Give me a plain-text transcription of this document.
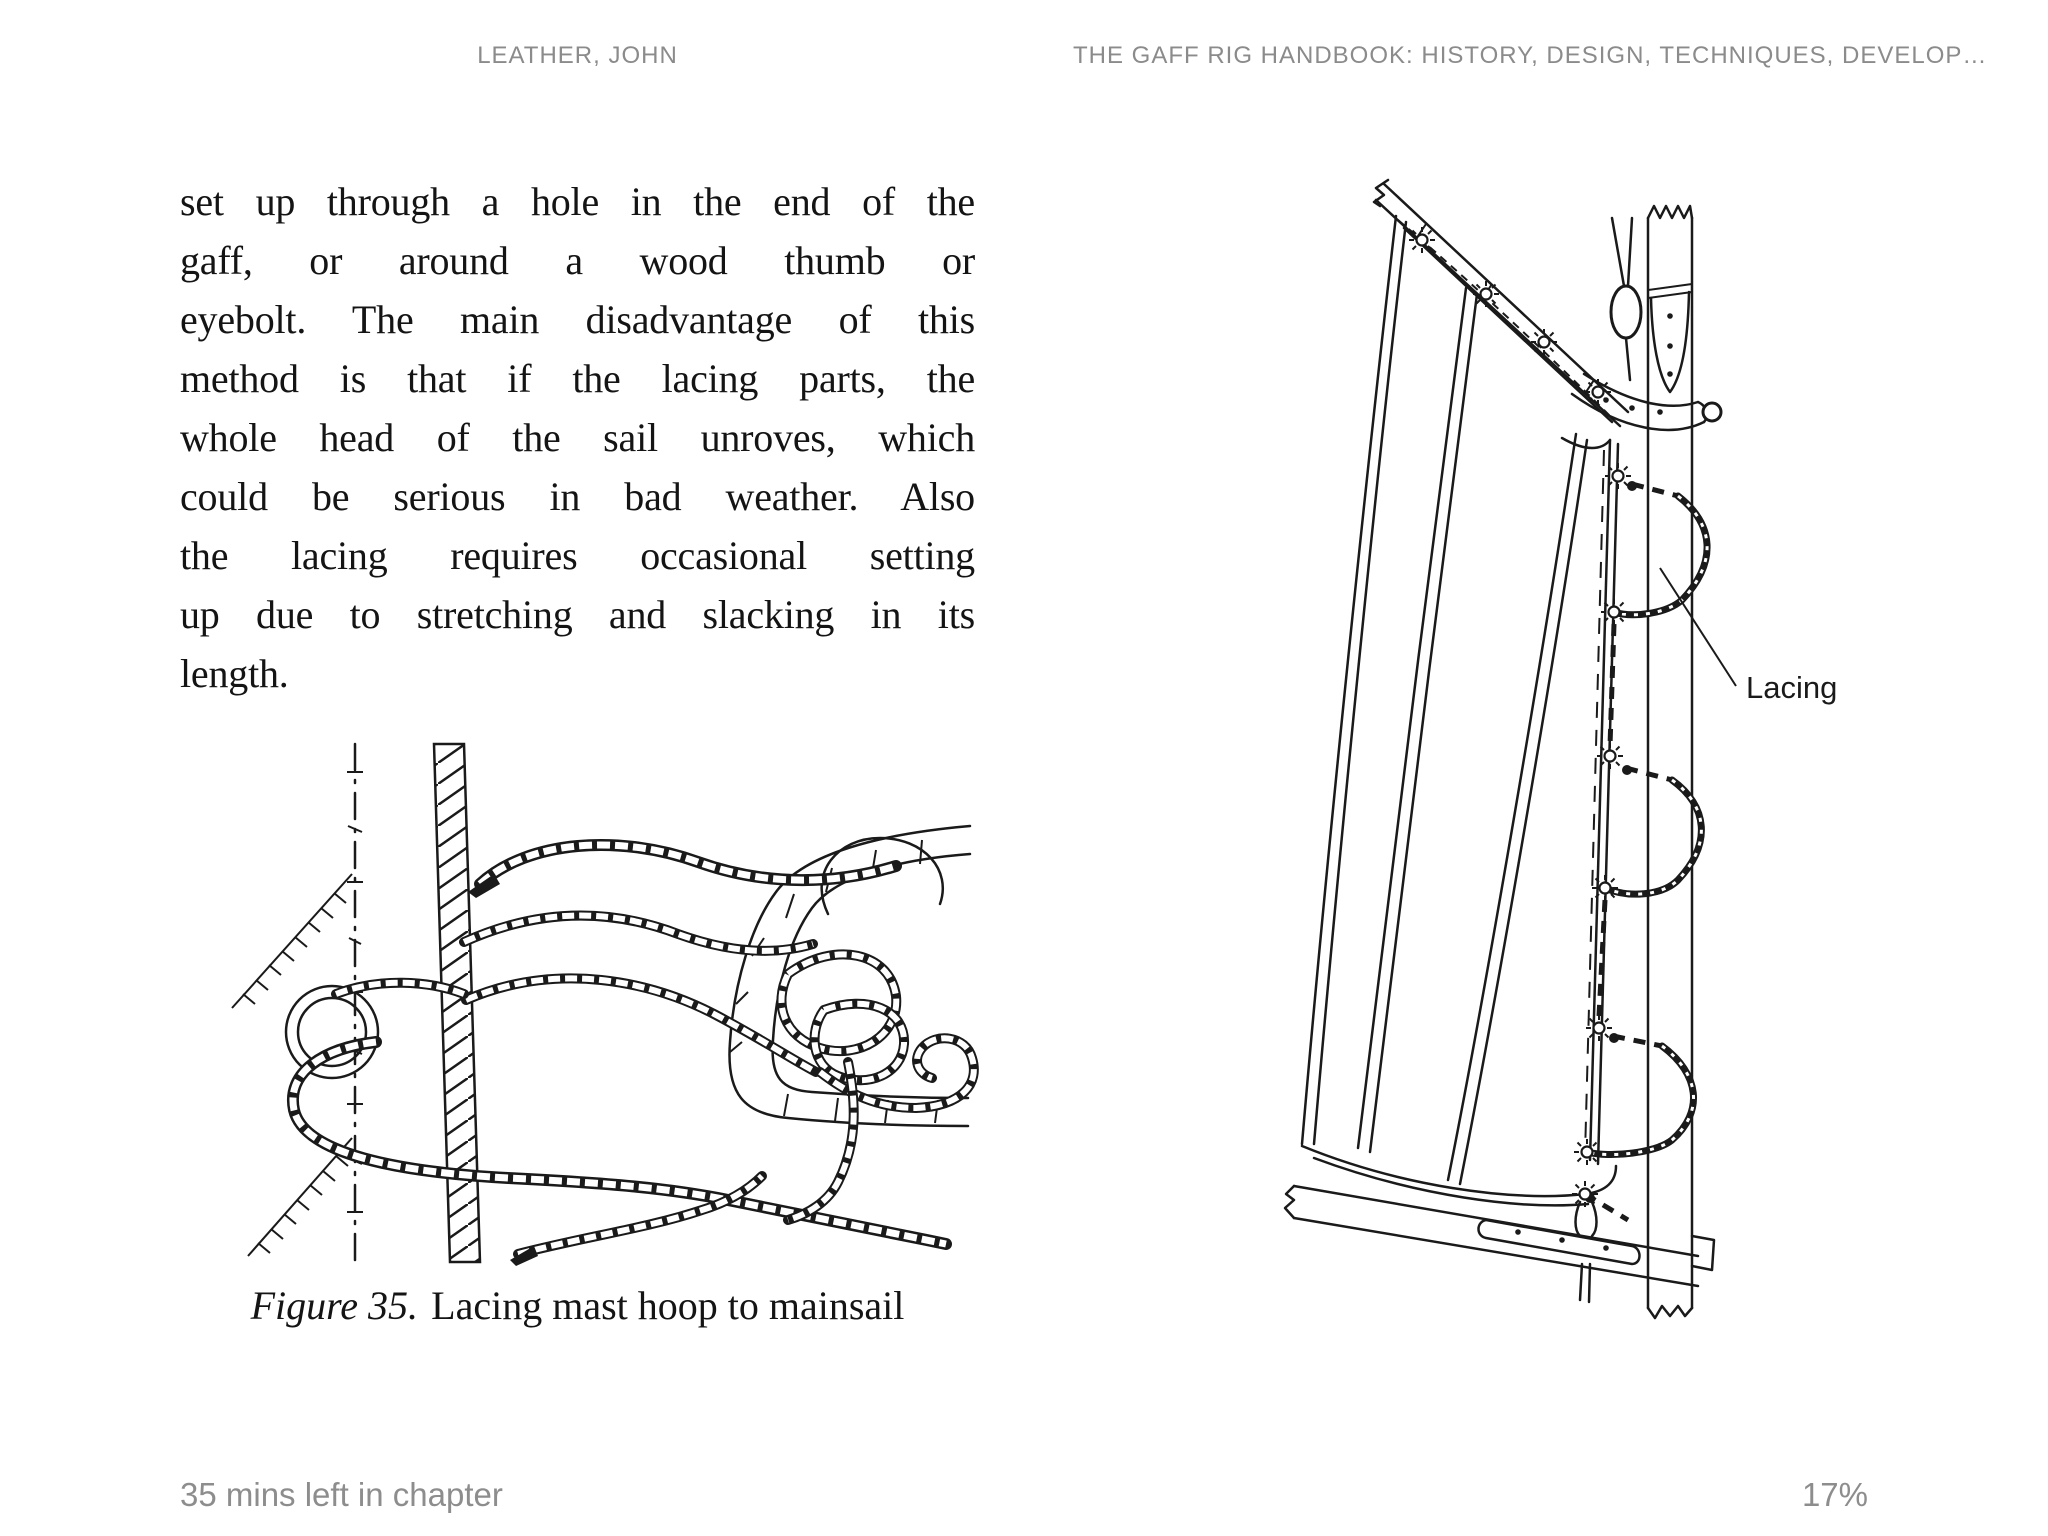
LEATHER, JOHN	THE GAFF RIG HANDBOOK: HISTORY, DESIGN, TECHNIQUES, DEVELOP…
set up through a hole in the end of the
gaff, or around a wood thumb or
eyebolt. The main disadvantage of this
method is that if the lacing parts, the
whole head of the sail unroves, which
could be serious in bad weather. Also
the lacing requires occasional setting
up due to stretching and slacking in its
length.
Figure 35. Lacing mast hoop to mainsail
Lacing
35 mins left in chapter	17%
